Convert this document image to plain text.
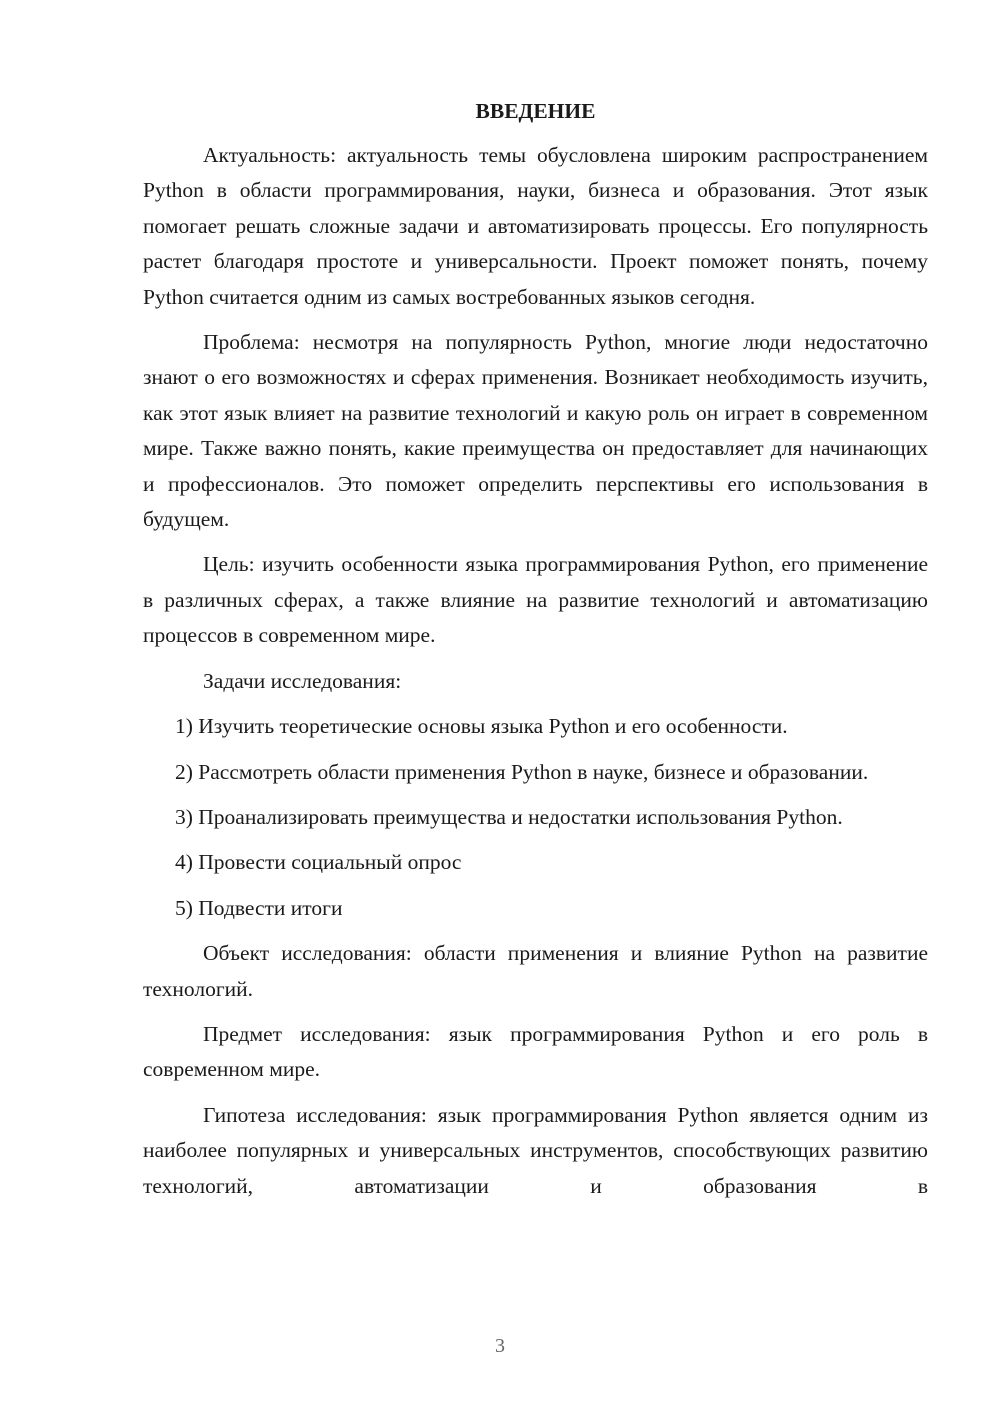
ВВЕДЕНИЕ

Актуальность: актуальность темы обусловлена широким распространением Python в области программирования, науки, бизнеса и образования. Этот язык помогает решать сложные задачи и автоматизировать процессы. Его популярность растет благодаря простоте и универсальности. Проект поможет понять, почему Python считается одним из самых востребованных языков сегодня.

Проблема: несмотря на популярность Python, многие люди недостаточно знают о его возможностях и сферах применения. Возникает необходимость изучить, как этот язык влияет на развитие технологий и какую роль он играет в современном мире. Также важно понять, какие преимущества он предоставляет для начинающих и профессионалов. Это поможет определить перспективы его использования в будущем.

Цель: изучить особенности языка программирования Python, его применение в различных сферах, а также влияние на развитие технологий и автоматизацию процессов в современном мире.

Задачи исследования:

1) Изучить теоретические основы языка Python и его особенности.

2) Рассмотреть области применения Python в науке, бизнесе и образовании.

3) Проанализировать преимущества и недостатки использования Python.

4) Провести социальный опрос

5) Подвести итоги

Объект исследования: области применения и влияние Python на развитие технологий.

Предмет исследования: язык программирования Python и его роль в современном мире.

Гипотеза исследования: язык программирования Python является одним из наиболее популярных и универсальных инструментов, способствующих развитию технологий, автоматизации и образования в

3
